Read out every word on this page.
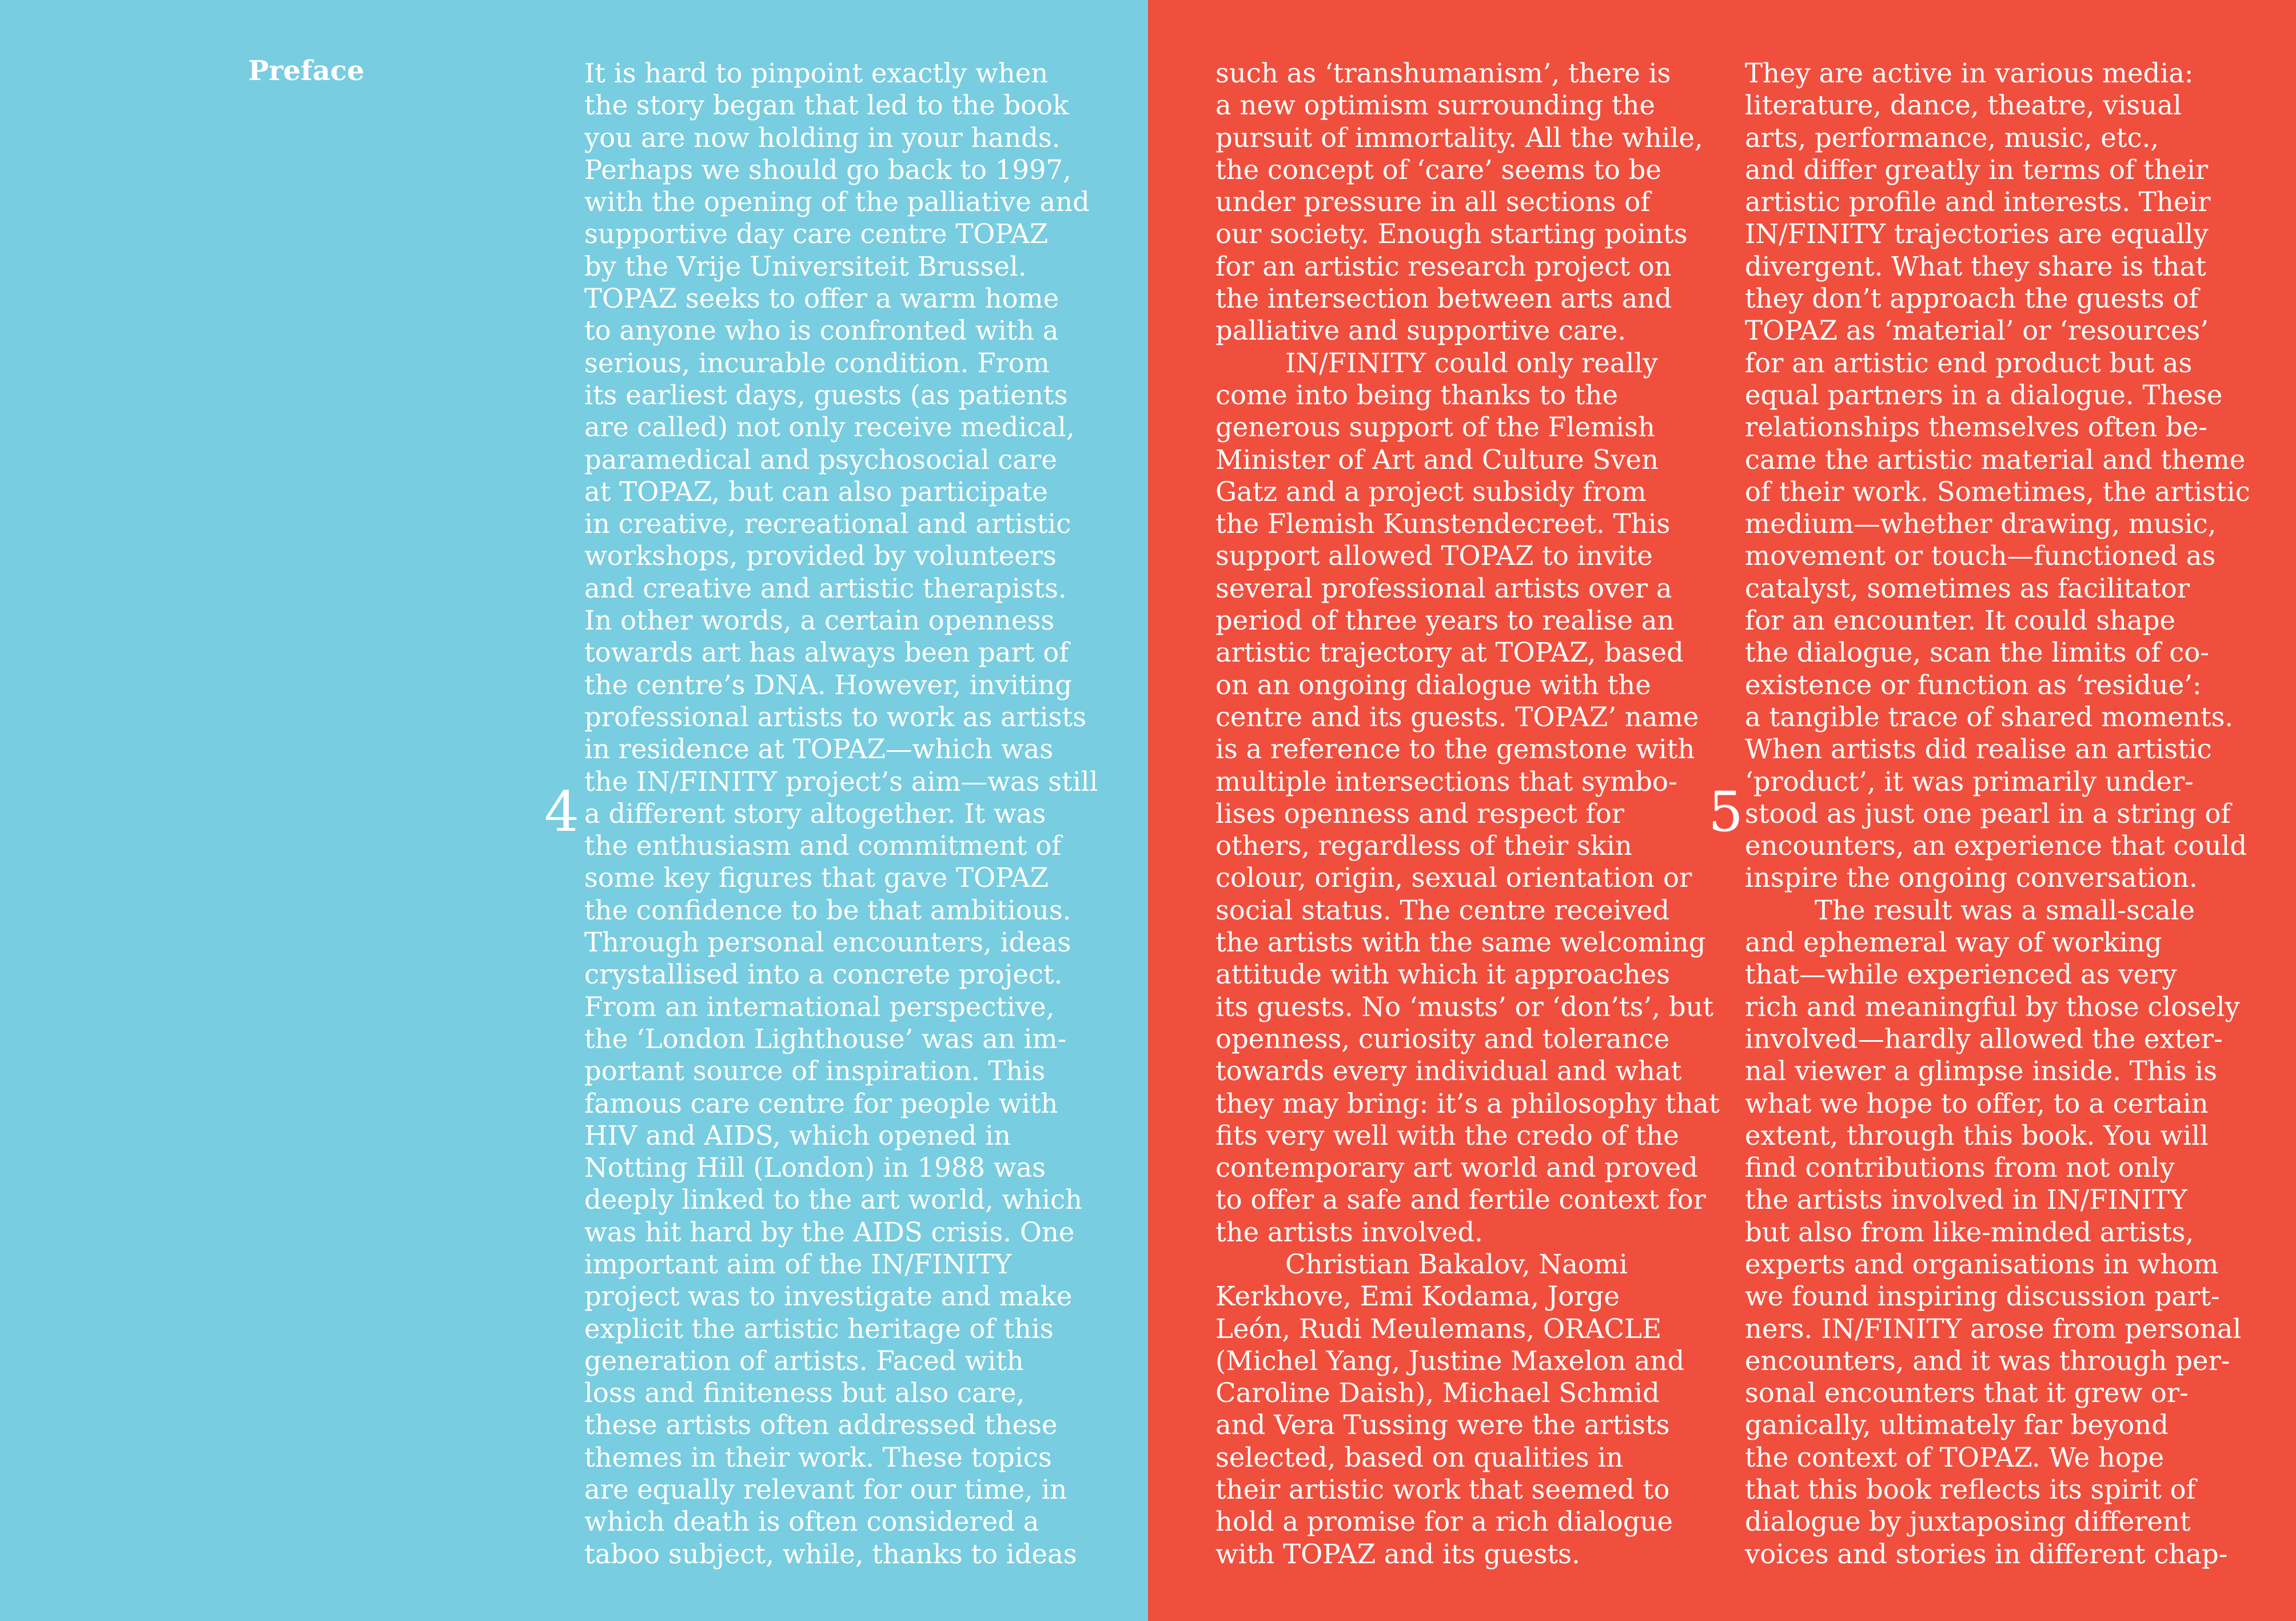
Preface
4
It is hard to pinpoint exactly when
the story began that led to the book
you are now holding in your hands.
Perhaps we should go back to 1997,
with the opening of the palliative and
supportive day care centre TOPAZ
by the Vrije Universiteit Brussel.
TOPAZ seeks to offer a warm home
to anyone who is confronted with a
serious, incurable condition. From
its earliest days, guests (as patients
are called) not only receive medical,
paramedical and psychosocial care
at TOPAZ, but can also participate
in creative, recreational and artistic
workshops, provided by volunteers
and creative and artistic therapists.
In other words, a certain openness
towards art has always been part of
the centre’s DNA. However, inviting
professional artists to work as artists
in residence at TOPAZ—which was
the IN/FINITY project’s aim—was still
a different story altogether. It was
the enthusiasm and commitment of
some key figures that gave TOPAZ
the confidence to be that ambitious.
Through personal encounters, ideas
crystallised into a concrete project.
From an international perspective,
the ‘London Lighthouse’ was an im-
portant source of inspiration. This
famous care centre for people with
HIV and AIDS, which opened in
Notting Hill (London) in 1988 was
deeply linked to the art world, which
was hit hard by the AIDS crisis. One
important aim of the IN/FINITY
project was to investigate and make
explicit the artistic heritage of this
generation of artists. Faced with
loss and finiteness but also care,
these artists often addressed these
themes in their work. These topics
are equally relevant for our time, in
which death is often considered a
taboo subject, while, thanks to ideas
such as ‘transhumanism’, there is
a new optimism surrounding the
pursuit of immortality. All the while,
the concept of ‘care’ seems to be
under pressure in all sections of
our society. Enough starting points
for an artistic research project on
the intersection between arts and
palliative and supportive care.
IN/FINITY could only really
come into being thanks to the
generous support of the Flemish
Minister of Art and Culture Sven
Gatz and a project subsidy from
the Flemish Kunstendecreet. This
support allowed TOPAZ to invite
several professional artists over a
period of three years to realise an
artistic trajectory at TOPAZ, based
on an ongoing dialogue with the
centre and its guests. TOPAZ’ name
is a reference to the gemstone with
multiple intersections that symbo-
lises openness and respect for
others, regardless of their skin
colour, origin, sexual orientation or
social status. The centre received
the artists with the same welcoming
attitude with which it approaches
its guests. No ‘musts’ or ‘don’ts’, but
openness, curiosity and tolerance
towards every individual and what
they may bring: it’s a philosophy that
fits very well with the credo of the
contemporary art world and proved
to offer a safe and fertile context for
the artists involved.
Christian Bakalov, Naomi
Kerkhove, Emi Kodama, Jorge
León, Rudi Meulemans, ORACLE
(Michel Yang, Justine Maxelon and
Caroline Daish), Michael Schmid
and Vera Tussing were the artists
selected, based on qualities in
their artistic work that seemed to
hold a promise for a rich dialogue
with TOPAZ and its guests.
They are active in various media:
literature, dance, theatre, visual
arts, performance, music, etc.,
and differ greatly in terms of their
artistic profile and interests. Their
IN/FINITY trajectories are equally
divergent. What they share is that
they don’t approach the guests of
TOPAZ as ‘material’ or ‘resources’
for an artistic end product but as
equal partners in a dialogue. These
relationships themselves often be-
came the artistic material and theme
of their work. Sometimes, the artistic
medium—whether drawing, music,
movement or touch—functioned as
catalyst, sometimes as facilitator
for an encounter. It could shape
the dialogue, scan the limits of co-
existence or function as ‘residue’:
a tangible trace of shared moments.
When artists did realise an artistic
‘product’, it was primarily under-
stood as just one pearl in a string of
encounters, an experience that could
inspire the ongoing conversation.
The result was a small-scale
and ephemeral way of working
that—while experienced as very
rich and meaningful by those closely
involved—hardly allowed the exter-
nal viewer a glimpse inside. This is
what we hope to offer, to a certain
extent, through this book. You will
find contributions from not only
the artists involved in IN/FINITY
but also from like-minded artists,
experts and organisations in whom
we found inspiring discussion part-
ners. IN/FINITY arose from personal
encounters, and it was through per-
sonal encounters that it grew or-
ganically, ultimately far beyond
the context of TOPAZ. We hope
that this book reflects its spirit of
dialogue by juxtaposing different
voices and stories in different chap-
5
